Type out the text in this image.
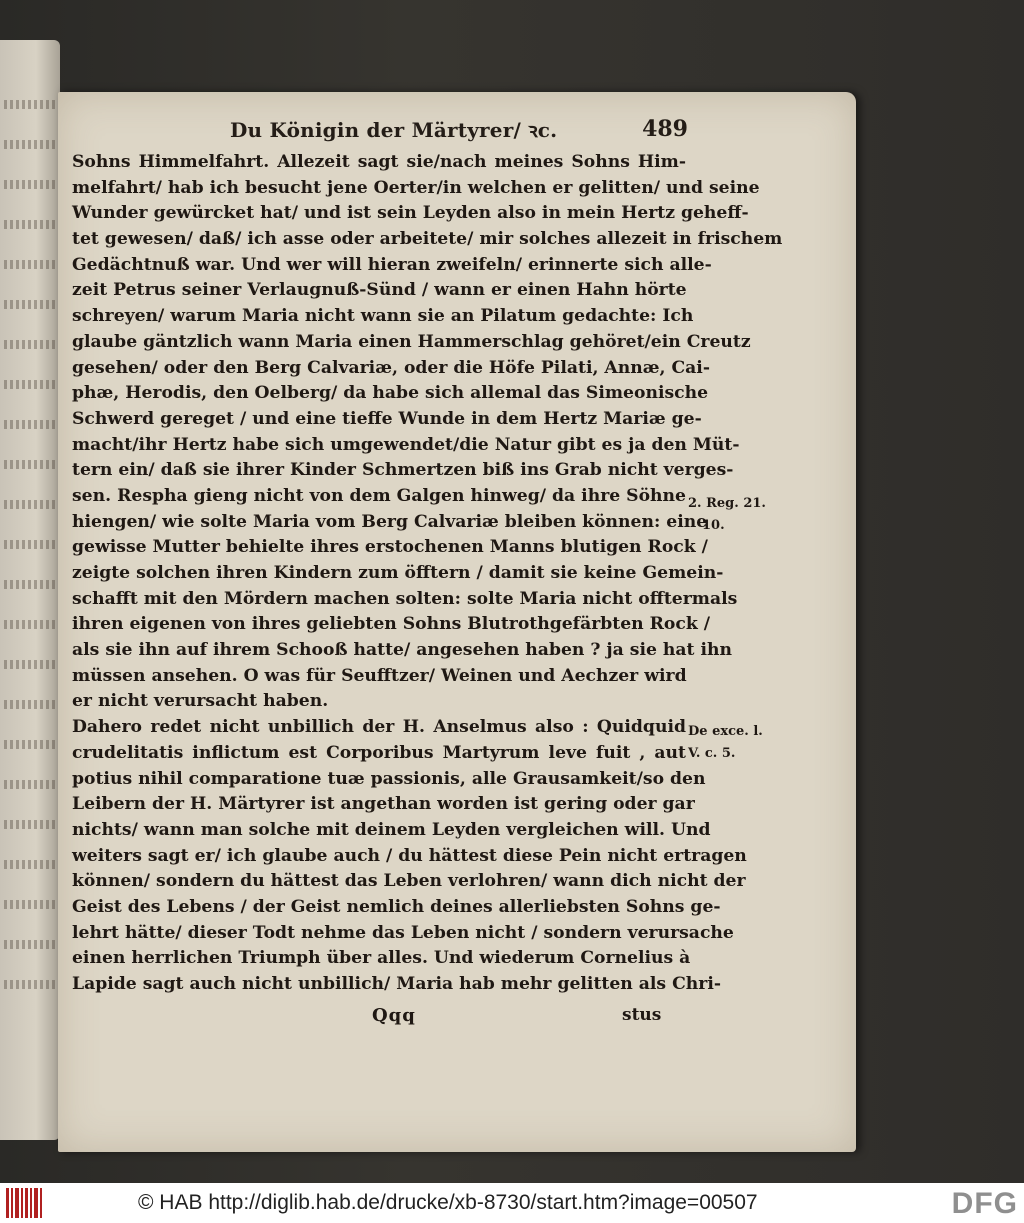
Du Königin der Märtyrer/ ꝛc.	489
Sohns Himmelfahrt. Allezeit sagt sie/nach meines Sohns Him-
melfahrt/ hab ich besucht jene Oerter/in welchen er gelitten/ und seine
Wunder gewürcket hat/ und ist sein Leyden also in mein Hertz geheff-
tet gewesen/ daß/ ich asse oder arbeitete/ mir solches allezeit in frischem
Gedächtnuß war. Und wer will hieran zweifeln/ erinnerte sich alle-
zeit Petrus seiner Verlaugnuß-Sünd / wann er einen Hahn hörte
schreyen/ warum Maria nicht wann sie an Pilatum gedachte: Ich
glaube gäntzlich wann Maria einen Hammerschlag gehöret/ein Creutz
gesehen/ oder den Berg Calvariæ, oder die Höfe Pilati, Annæ, Cai-
phæ, Herodis, den Oelberg/ da habe sich allemal das Simeonische
Schwerd gereget / und eine tieffe Wunde in dem Hertz Mariæ ge-
macht/ihr Hertz habe sich umgewendet/die Natur gibt es ja den Müt-
tern ein/ daß sie ihrer Kinder Schmertzen biß ins Grab nicht verges-
sen. Respha gieng nicht von dem Galgen hinweg/ da ihre Söhne
hiengen/ wie solte Maria vom Berg Calvariæ bleiben können: eine
gewisse Mutter behielte ihres erstochenen Manns blutigen Rock /
zeigte solchen ihren Kindern zum öfftern / damit sie keine Gemein-
schafft mit den Mördern machen solten: solte Maria nicht offtermals
ihren eigenen von ihres geliebten Sohns Blutrothgefärbten Rock /
als sie ihn auf ihrem Schooß hatte/ angesehen haben ? ja sie hat ihn
müssen ansehen. O was für Seufftzer/ Weinen und Aechzer wird
er nicht verursacht haben.
Dahero redet nicht unbillich der H. Anselmus also : Quidquid
crudelitatis inflictum est Corporibus Martyrum leve fuit , aut
potius nihil comparatione tuæ passionis, alle Grausamkeit/so den
Leibern der H. Märtyrer ist angethan worden ist gering oder gar
nichts/ wann man solche mit deinem Leyden vergleichen will. Und
weiters sagt er/ ich glaube auch / du hättest diese Pein nicht ertragen
können/ sondern du hättest das Leben verlohren/ wann dich nicht der
Geist des Lebens / der Geist nemlich deines allerliebsten Sohns ge-
lehrt hätte/ dieser Todt nehme das Leben nicht / sondern verursache
einen herrlichen Triumph über alles. Und wiederum Cornelius à
Lapide sagt auch nicht unbillich/ Maria hab mehr gelitten als Chri-
2. Reg. 21.
10.
De exce. l.
V. c. 5.
Qqq	stus
© HAB http://diglib.hab.de/drucke/xb-8730/start.htm?image=00507	DFG
